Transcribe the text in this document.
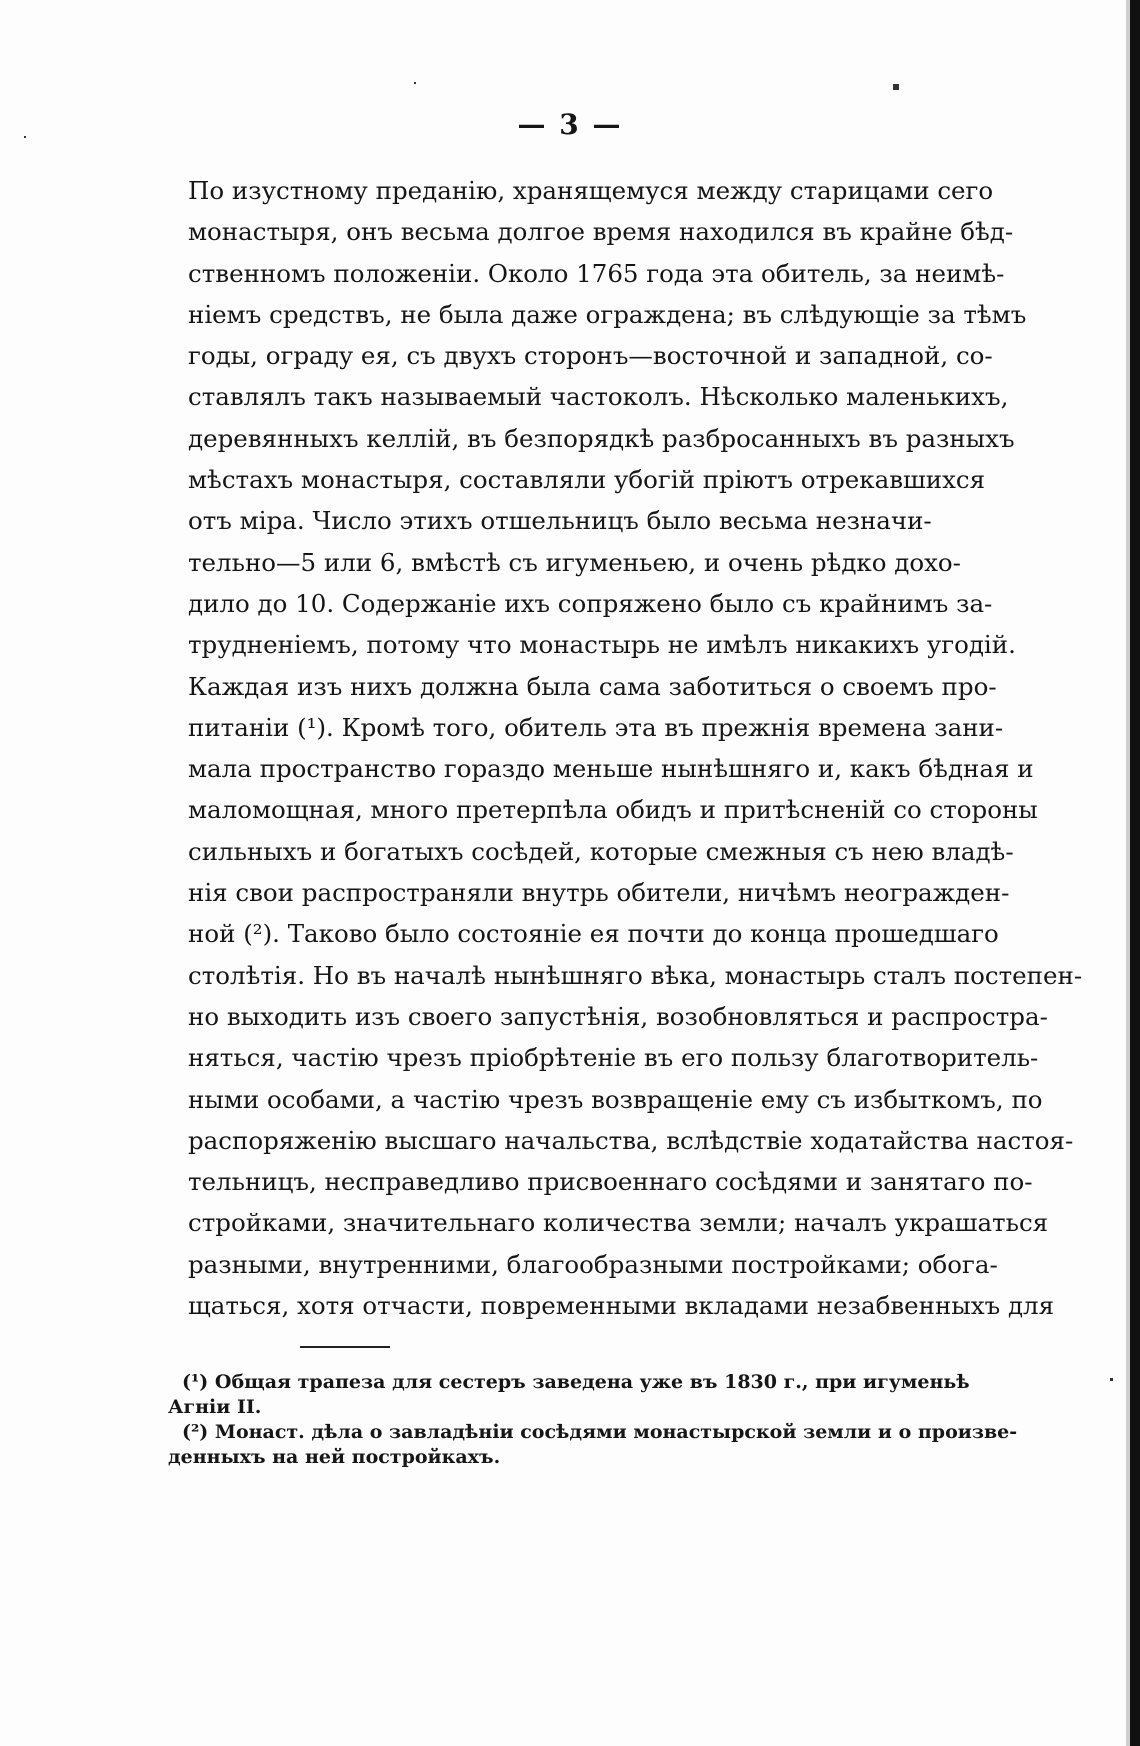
— 3 —
По изустному преданію, хранящемуся между старицами сего
монастыря, онъ весьма долгое время находился въ крайне бѣд-
ственномъ положеніи. Около 1765 года эта обитель, за неимѣ-
ніемъ средствъ, не была даже ограждена; въ слѣдующіе за тѣмъ
годы, ограду ея, съ двухъ сторонъ—восточной и западной, со-
ставлялъ такъ называемый частоколъ. Нѣсколько маленькихъ,
деревянныхъ келлій, въ безпорядкѣ разбросанныхъ въ разныхъ
мѣстахъ монастыря, составляли убогій пріютъ отрекавшихся
отъ міра. Число этихъ отшельницъ было весьма незначи-
тельно—5 или 6, вмѣстѣ съ игуменьею, и очень рѣдко дохо-
дило до 10. Содержаніе ихъ сопряжено было съ крайнимъ за-
трудненіемъ, потому что монастырь не имѣлъ никакихъ угодій.
Каждая изъ нихъ должна была сама заботиться о своемъ про-
питаніи (¹). Кромѣ того, обитель эта въ прежнія времена зани-
мала пространство гораздо меньше нынѣшняго и, какъ бѣдная и
маломощная, много претерпѣла обидъ и притѣсненій со стороны
сильныхъ и богатыхъ сосѣдей, которые смежныя съ нею владѣ-
нія свои распространяли внутрь обители, ничѣмъ неогражден-
ной (²). Таково было состояніе ея почти до конца прошедшаго
столѣтія. Но въ началѣ нынѣшняго вѣка, монастырь сталъ постепен-
но выходить изъ своего запустѣнія, возобновляться и распростра-
няться, частію чрезъ пріобрѣтеніе въ его пользу благотворитель-
ными особами, а частію чрезъ возвращеніе ему съ избыткомъ, по
распоряженію высшаго начальства, вслѣдствіе ходатайства настоя-
тельницъ, несправедливо присвоеннаго сосѣдями и занятаго по-
стройками, значительнаго количества земли; началъ украшаться
разными, внутренними, благообразными постройками; обога-
щаться, хотя отчасти, повременными вкладами незабвенныхъ для
(¹) Общая трапеза для сестеръ заведена уже въ 1830 г., при игуменьѣ
Агніи II.
(²) Монаст. дѣла о завладѣніи сосѣдями монастырской земли и о произве-
денныхъ на ней постройкахъ.
